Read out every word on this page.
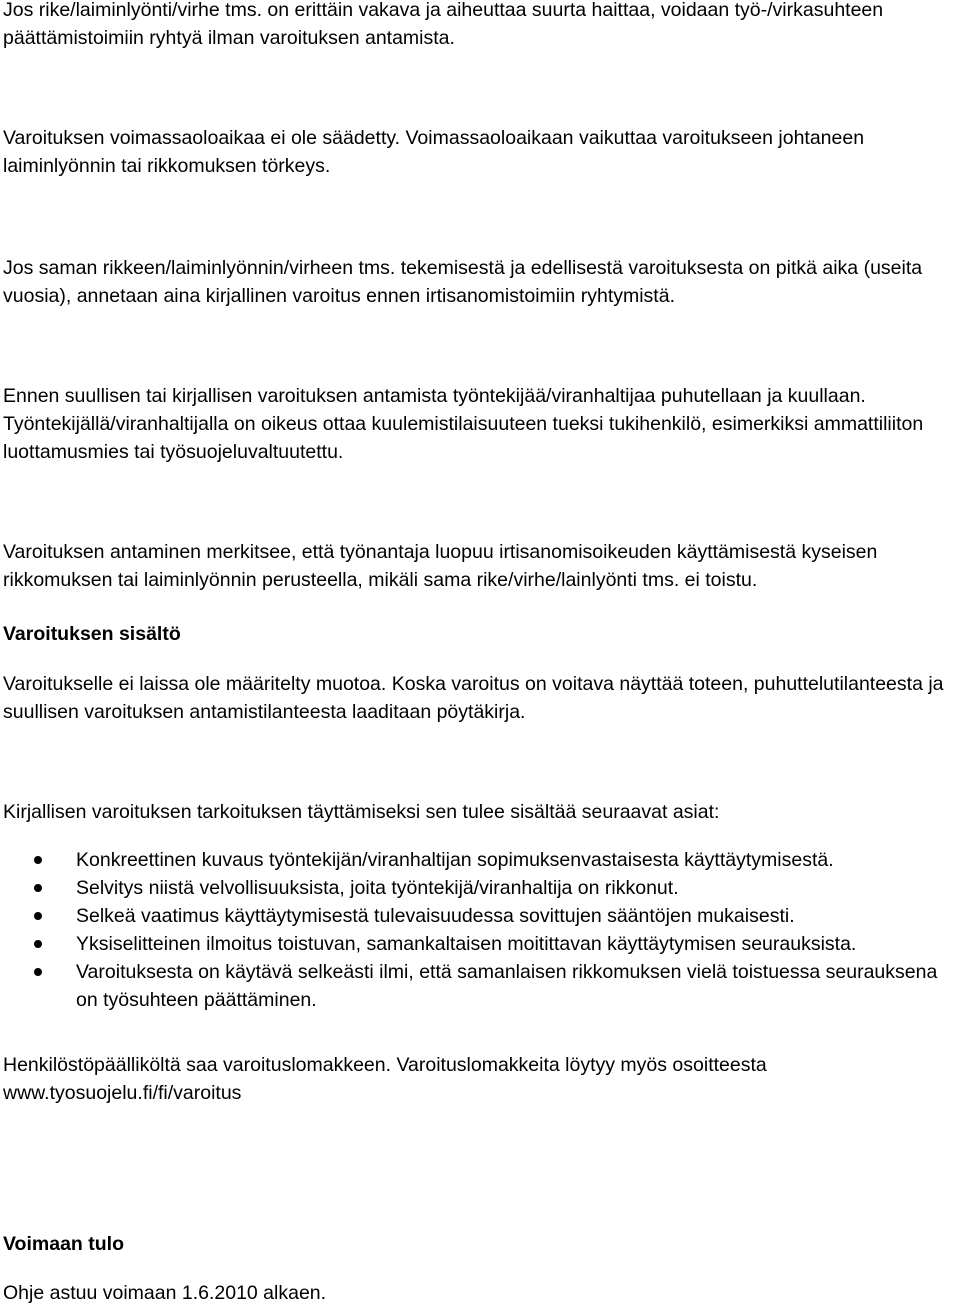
Jos rike/laiminlyönti/virhe tms. on erittäin vakava ja aiheuttaa suurta haittaa, voidaan työ-/virkasuhteen päättämistoimiin ryhtyä ilman varoituksen antamista.

Varoituksen voimassaoloaikaa ei ole säädetty. Voimassaoloaikaan vaikuttaa varoitukseen johtaneen laiminlyönnin tai rikkomuksen törkeys.

Jos saman rikkeen/laiminlyönnin/virheen tms. tekemisestä ja edellisestä varoituksesta on pitkä aika (useita vuosia), annetaan aina kirjallinen varoitus ennen irtisanomistoimiin ryhtymistä.

Ennen suullisen tai kirjallisen varoituksen antamista työntekijää/viranhaltijaa puhutellaan ja kuullaan. Työntekijällä/viranhaltijalla on oikeus ottaa kuulemistilaisuuteen tueksi tukihenkilö, esimerkiksi ammattiliiton luottamusmies tai työsuojeluvaltuutettu.

Varoituksen antaminen merkitsee, että työnantaja luopuu irtisanomisoikeuden käyttämisestä kyseisen rikkomuksen tai laiminlyönnin perusteella, mikäli sama rike/virhe/lainlyönti tms. ei toistu.

Varoituksen sisältö

Varoitukselle ei laissa ole määritelty muotoa. Koska varoitus on voitava näyttää toteen, puhuttelutilanteesta ja suullisen varoituksen antamistilanteesta laaditaan pöytäkirja.

Kirjallisen varoituksen tarkoituksen täyttämiseksi sen tulee sisältää seuraavat asiat:

Konkreettinen kuvaus työntekijän/viranhaltijan sopimuksenvastaisesta käyttäytymisestä.
Selvitys niistä velvollisuuksista, joita työntekijä/viranhaltija on rikkonut.
Selkeä vaatimus käyttäytymisestä tulevaisuudessa sovittujen sääntöjen mukaisesti.
Yksiselitteinen ilmoitus toistuvan, samankaltaisen moitittavan käyttäytymisen seurauksista.
Varoituksesta on käytävä selkeästi ilmi, että samanlaisen rikkomuksen vielä toistuessa seurauksena on työsuhteen päättäminen.

Henkilöstöpäälliköltä saa varoituslomakkeen. Varoituslomakkeita löytyy myös osoitteesta www.tyosuojelu.fi/fi/varoitus

Voimaan tulo

Ohje astuu voimaan 1.6.2010 alkaen.
